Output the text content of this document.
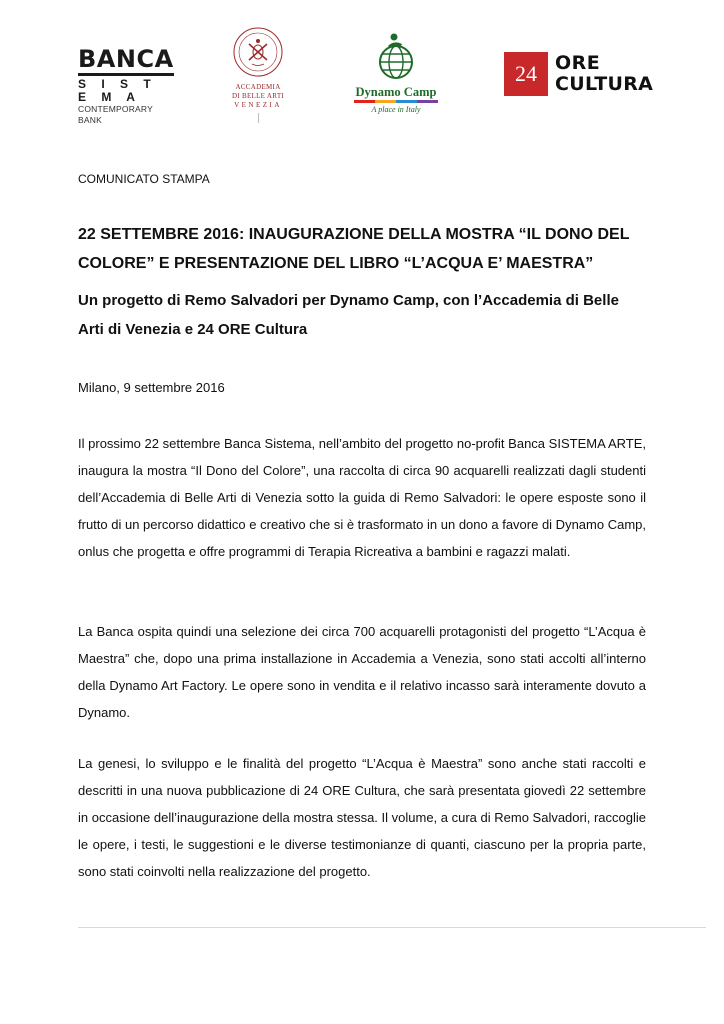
BANCA
S I S T E M A
CONTEMPORARY BANK
ACCADEMIA
DI BELLE ARTI
VENEZIA
Dynamo Camp
A place in Italy
24 ORE
CULTURA
COMUNICATO STAMPA
22 SETTEMBRE 2016: INAUGURAZIONE DELLA MOSTRA “IL DONO DEL COLORE” E PRESENTAZIONE DEL LIBRO “L’ACQUA E’ MAESTRA”
Un progetto di Remo Salvadori per Dynamo Camp, con l’Accademia di Belle Arti di Venezia e 24 ORE Cultura
Milano, 9 settembre 2016

Il prossimo 22 settembre Banca Sistema, nell’ambito del progetto no-profit Banca SISTEMA ARTE, inaugura la mostra “Il Dono del Colore”, una raccolta di circa 90 acquarelli realizzati dagli studenti dell’Accademia di Belle Arti di Venezia sotto la guida di Remo Salvadori: le opere esposte sono il frutto di un percorso didattico e creativo che si è trasformato in un dono a favore di Dynamo Camp, onlus che progetta e offre programmi di Terapia Ricreativa a bambini e ragazzi malati.

La Banca ospita quindi una selezione dei circa 700 acquarelli protagonisti del progetto “L’Acqua è Maestra” che, dopo una prima installazione in Accademia a Venezia, sono stati accolti all’interno della Dynamo Art Factory. Le opere sono in vendita e il relativo incasso sarà interamente dovuto a Dynamo.

La genesi, lo sviluppo e le finalità del progetto “L’Acqua è Maestra” sono anche stati raccolti e descritti in una nuova pubblicazione di 24 ORE Cultura, che sarà presentata giovedì 22 settembre in occasione dell’inaugurazione della mostra stessa. Il volume, a cura di Remo Salvadori, raccoglie le opere, i testi, le suggestioni e le diverse testimonianze di quanti, ciascuno per la propria parte, sono stati coinvolti nella realizzazione del progetto.
